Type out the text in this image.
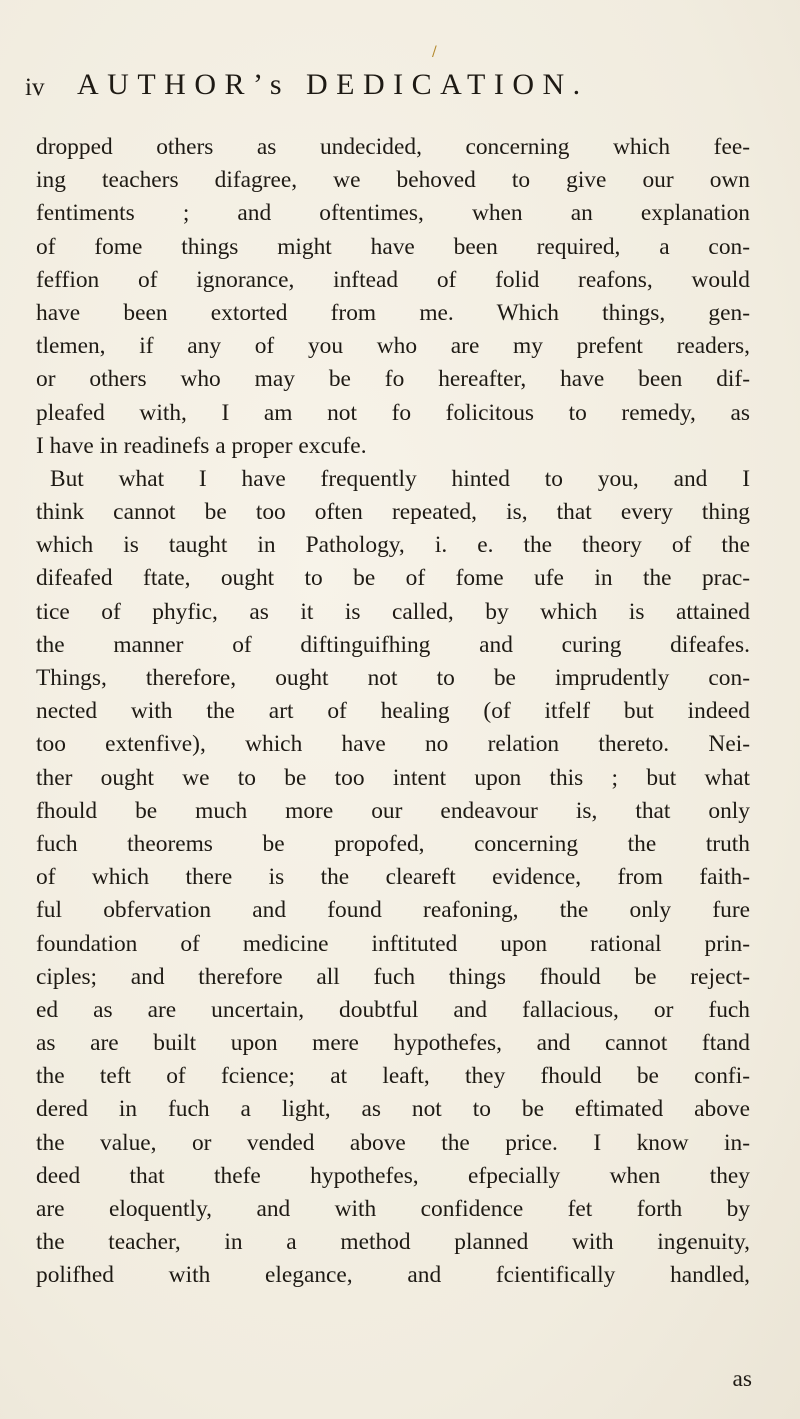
/
iv AUTHOR’s DEDICATION.
dropped others as undecided, concerning which fee-
ing teachers difagree, we behoved to give our own
fentiments ; and oftentimes, when an explanation
of fome things might have been required, a con-
feffion of ignorance, inftead of folid reafons, would
have been extorted from me. Which things, gen-
tlemen, if any of you who are my prefent readers,
or others who may be fo hereafter, have been dif-
pleafed with, I am not fo folicitous to remedy, as
I have in readinefs a proper excufe.
But what I have frequently hinted to you, and I
think cannot be too often repeated, is, that every thing
which is taught in Pathology, i. e. the theory of the
difeafed ftate, ought to be of fome ufe in the prac-
tice of phyfic, as it is called, by which is attained
the manner of diftinguifhing and curing difeafes.
Things, therefore, ought not to be imprudently con-
nected with the art of healing (of itfelf but indeed
too extenfive), which have no relation thereto. Nei-
ther ought we to be too intent upon this ; but what
fhould be much more our endeavour is, that only
fuch theorems be propofed, concerning the truth
of which there is the cleareft evidence, from faith-
ful obfervation and found reafoning, the only fure
foundation of medicine inftituted upon rational prin-
ciples; and therefore all fuch things fhould be reject-
ed as are uncertain, doubtful and fallacious, or fuch
as are built upon mere hypothefes, and cannot ftand
the teft of fcience; at leaft, they fhould be confi-
dered in fuch a light, as not to be eftimated above
the value, or vended above the price. I know in-
deed that thefe hypothefes, efpecially when they
are eloquently, and with confidence fet forth by
the teacher, in a method planned with ingenuity,
polifhed with elegance, and fcientifically handled,
as
